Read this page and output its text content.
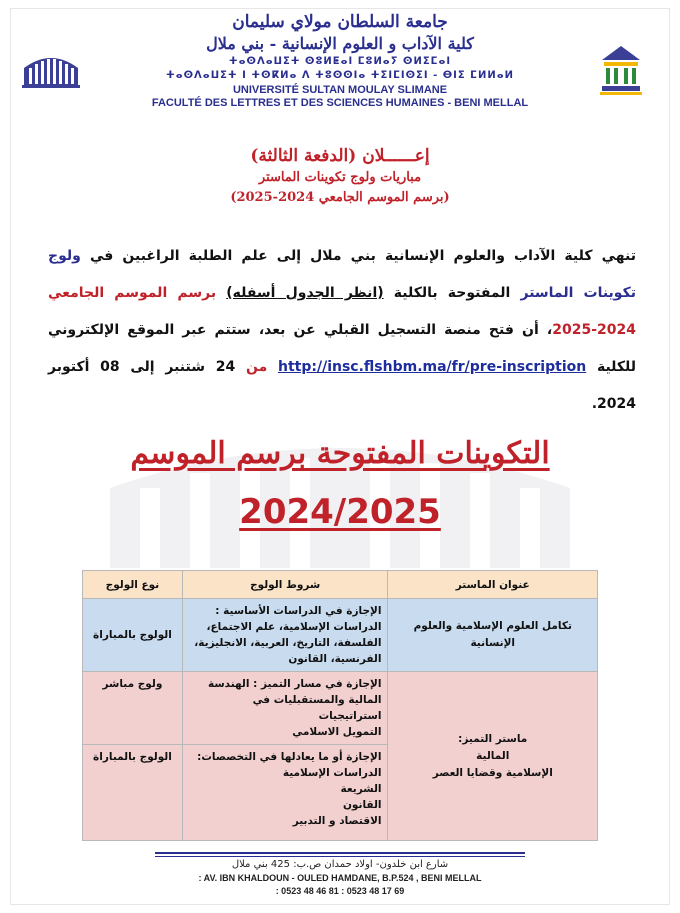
جامعة السلطان مولاي سليمان
كلية الآداب و العلوم الإنسانية - بني ملال
ⵜⴰⵙⴷⴰⵡⵉⵜ ⵙⵓⵍⵟⴰⵏ ⵎⵓⵍⴰⵢ ⵙⵍⵉⵎⴰⵏ
ⵜⴰⵙⴷⴰⵡⵉⵜ ⵏ ⵜⵙⴽⵍⴰ ⴷ ⵜⵓⵙⵙⵏⴰ ⵜⵉⵏⵎⵏⵙⵉⵏ - ⴱⵏⵉ ⵎⵍⵍⴰⵍ
UNIVERSITÉ SULTAN MOULAY SLIMANE
FACULTÉ DES LETTRES ET DES SCIENCES HUMAINES - BENI MELLAL
إعــــــلان (الدفعة الثالثة)
مباريات ولوج تكوينات الماستر
(برسم الموسم الجامعي 2024-2025)
تنهي كلية الآداب والعلوم الإنسانية بني ملال إلى علم الطلبة الراغبين في ولوج تكوينات الماستر المفتوحة بالكلية (انظر الجدول أسفله) برسم الموسم الجامعي 2024-2025، أن فتح منصة التسجيل القبلي عن بعد، ستتم عبر الموقع الإلكتروني للكلية http://insc.flshbm.ma/fr/pre-inscription من 24 شتنبر إلى 08 أكتوبر 2024.
التكوينات المفتوحة برسم الموسم
2024/2025
عنوان الماستر	شروط الولوج	نوع الولوج
تكامل العلوم الإسلامية والعلوم الإنسانية	الإجازة في الدراسات الأساسية :
الدراسات الإسلامية، علم الاجتماع،
الفلسفة، التاريخ، العربية، الانجليزية،
الفرنسية، القانون	الولوج بالمباراة

ماستر التميز:
المالية
الإسلامية وقضايا العصر	الإجازة في مسار التميز : الهندسة
المالية والمستقبليات في استراتيجيات
التمويل الاسلامي	ولوج مباشر

	الإجازة أو ما يعادلها في التخصصات:
الدراسات الإسلامية
الشريعة
القانون
الاقتصاد و التدبير	الولوج بالمباراة
شارع ابن خلدون- اولاد حمدان ص.ب: 425 بني ملال
: AV. IBN KHALDOUN - OULED HAMDANE, B.P.524 , BENI MELLAL
: 0523 48 46 81 : 0523 48 17 69
